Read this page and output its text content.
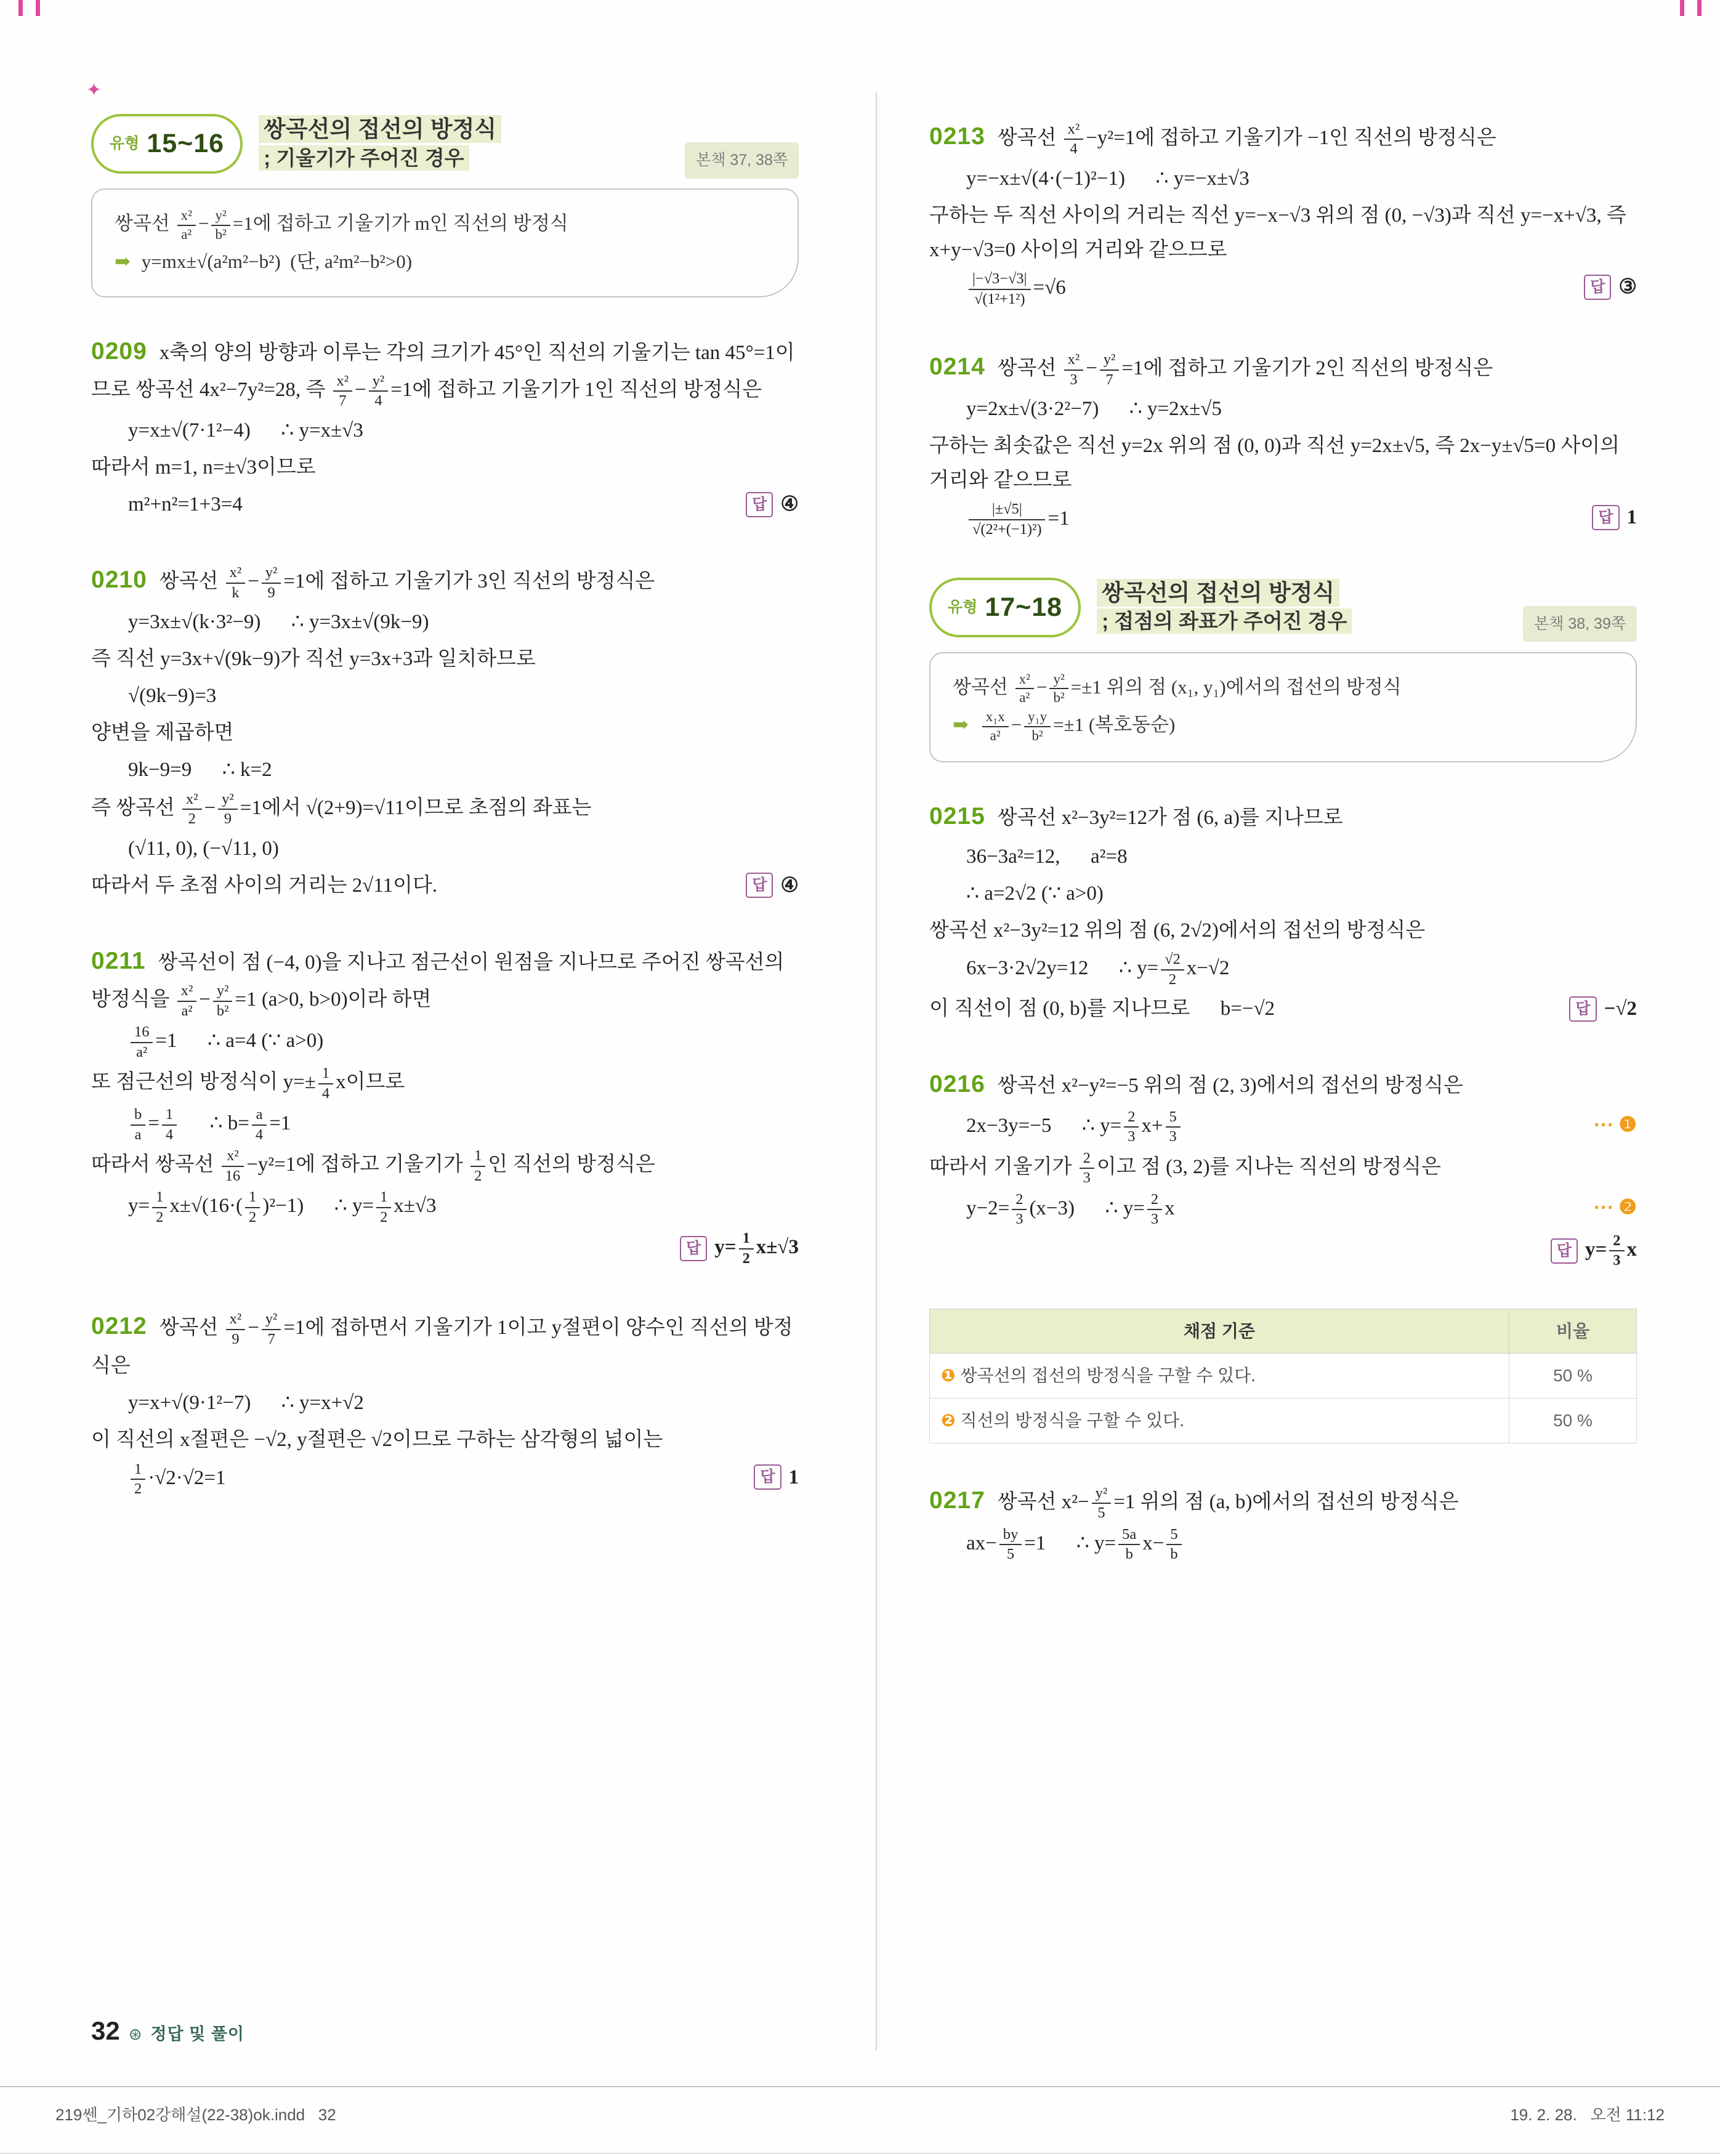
✦
유형 15~16 쌍곡선의 접선의 방정식
; 기울기가 주어진 경우	본책 37, 38쪽
쌍곡선 $\frac{\text{x²}}{\text{a²}} - \frac{\text{y²}}{\text{b²}} =1$에 접하고 기울기가 m인 직선의 방정식
➡ y=mx±√(a²m²−b²)  (단, a²m²−b²>0)
0209 x축의 양의 방향과 이루는 각의 크기가 45°인 직선의 기울기는 tan 45°=1이므로 쌍곡선 4x²−7y²=28, 즉 $\frac{\text{x²}}{7} - \frac{\text{y²}}{4} =1$에 접하고 기울기가 1인 직선의 방정식은
y=x±√(7·1²−4)      ∴ y=x±√3
따라서 m=1, n=±√3이므로
답 ④
m²+n²=1+3=4
0210 쌍곡선 $\frac{\text{x²}}{k} - \frac{\text{y²}}{9} =1$에 접하고 기울기가 3인 직선의 방정식은
y=3x±√(k·3²−9)      ∴ y=3x±√(9k−9)
즉 직선 y=3x+√(9k−9)가 직선 y=3x+3과 일치하므로
√(9k−9)=3
양변을 제곱하면
9k−9=9      ∴ k=2
즉 쌍곡선 $\frac{\text{x²}}{2} - \frac{\text{y²}}{9} =1$에서 √(2+9)=√11이므로 초점의 좌표는
(√11, 0), (−√11, 0)
답 ④
따라서 두 초점 사이의 거리는 2√11이다.
0211 쌍곡선이 점 (−4, 0)을 지나고 점근선이 원점을 지나므로 주어진 쌍곡선의 방정식을 $\frac{\text{x²}}{\text{a²}} - \frac{\text{y²}}{\text{b²}} =1$ (a>0, b>0)이라 하면
$\frac{16}{\text{a²}} =1$      ∴ a=4 (∵ a>0)
또 점근선의 방정식이 $y=\pm \frac{1}{4}$ x이므로
$\frac{b}{a} = \frac{1}{4}$ ∴ $b= \frac{a}{4} =1$
따라서 쌍곡선 $\frac{\text{x²}}{16} -y^2=1$에 접하고 기울기가 $\frac{1}{2}$ 인 직선의 방정식은
$y= \frac{1}{2} x\pm√(16\cdot( \frac{1}{2} )^2-1)$      ∴ $y= \frac{1}{2} x\pm√3$
답 $y= \frac{1}{2} x\pm√3$
0212 쌍곡선 $\frac{\text{x²}}{9} - \frac{\text{y²}}{7} =1$에 접하면서 기울기가 1이고 y절편이 양수인 직선의 방정식은
y=x+√(9·1²−7)      ∴ y=x+√2
이 직선의 x절편은 −√2, y절편은 √2이므로 구하는 삼각형의 넓이는
답 1
$\frac{1}{2} \cdot√2\cdot√2=1$
0213 쌍곡선 $\frac{\text{x²}}{4} -y^2=1$에 접하고 기울기가 −1인 직선의 방정식은
y=−x±√(4·(−1)²−1)      ∴ y=−x±√3
구하는 두 직선 사이의 거리는 직선 y=−x−√3 위의 점 (0, −√3)과 직선 y=−x+√3, 즉 x+y−√3=0 사이의 거리와 같으므로
답 ③
$\frac{|-√3-√3|}{\text{√(1²+1²)}} =√6$
0214 쌍곡선 $\frac{\text{x²}}{3} - \frac{\text{y²}}{7} =1$에 접하고 기울기가 2인 직선의 방정식은
y=2x±√(3·2²−7)      ∴ y=2x±√5
구하는 최솟값은 직선 y=2x 위의 점 (0, 0)과 직선 y=2x±√5, 즉 2x−y±√5=0 사이의 거리와 같으므로
답 1
$\frac{|\pm√5|}{\text{√(2²+(−1)²)}} =1$
유형 17~18 쌍곡선의 접선의 방정식
; 접점의 좌표가 주어진 경우	본책 38, 39쪽
쌍곡선 $\frac{\text{x²}}{\text{a²}} - \frac{\text{y²}}{\text{b²}} =\pm 1$ 위의 점 (x₁, y₁)에서의 접선의 방정식
➡ $\frac{\text{x₁x}}{\text{a²}} - \frac{\text{y₁y}}{\text{b²}} =\pm 1$ (복호동순)
0215 쌍곡선 x²−3y²=12가 점 (6, a)를 지나므로
36−3a²=12,      a²=8
∴ a=2√2 (∵ a>0)
쌍곡선 x²−3y²=12 위의 점 (6, 2√2)에서의 접선의 방정식은
6x−3·2√2y=12      ∴ $y= \frac{√2}{2} x-√2$
답 −√2
이 직선이 점 (0, b)를 지나므로      b=−√2
0216 쌍곡선 x²−y²=−5 위의 점 (2, 3)에서의 접선의 방정식은
⋯ ❶
2x−3y=−5      ∴ $y= \frac{2}{3} x+ \frac{5}{3}$
따라서 기울기가 $\frac{2}{3}$ 이고 점 (3, 2)를 지나는 직선의 방정식은
⋯ ❷
$y-2= \frac{2}{3} (x-3)$      ∴ $y= \frac{2}{3}$ x
답 $y= \frac{2}{3}$ x
채점 기준	비율
❶ 쌍곡선의 접선의 방정식을 구할 수 있다.	50 %
❷ 직선의 방정식을 구할 수 있다.	50 %
0217 쌍곡선 $x^2- \frac{\text{y²}}{5} =1$ 위의 점 (a, b)에서의 접선의 방정식은
$ax- \frac{by}{5} =1$      ∴ $y= \frac{5a}{b} x- \frac{5}{b}$
32 ⊛ 정답 및 풀이
219쎈_기하02강해설(22-38)ok.indd   32	19. 2. 28.   오전 11:12
